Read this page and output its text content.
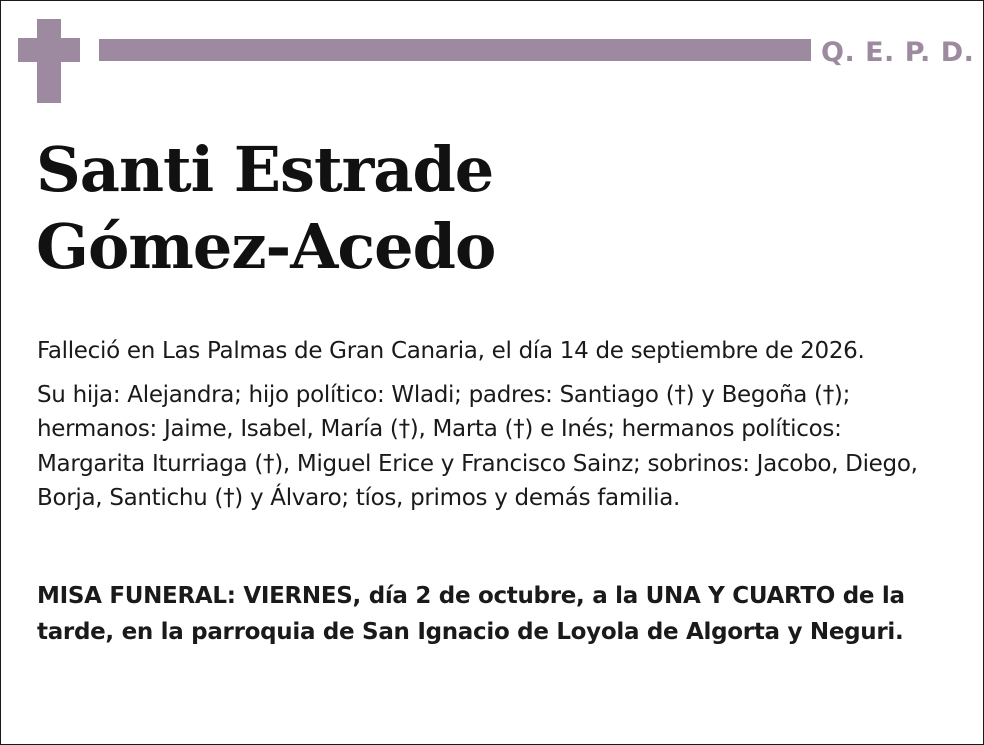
Q. E. P. D.
Santi Estrade
Gómez-Acedo
Falleció en Las Palmas de Gran Canaria, el día 14 de septiembre de 2026.
Su hija: Alejandra; hijo político: Wladi; padres: Santiago (†) y Begoña (†); hermanos: Jaime, Isabel, María (†), Marta (†) e Inés; hermanos políticos: Margarita Iturriaga (†), Miguel Erice y Francisco Sainz; sobrinos: Jacobo, Diego, Borja, Santichu (†) y Álvaro; tíos, primos y demás familia.
MISA FUNERAL: VIERNES, día 2 de octubre, a la UNA Y CUARTO de la tarde, en la parroquia de San Ignacio de Loyola de Algorta y Neguri.
